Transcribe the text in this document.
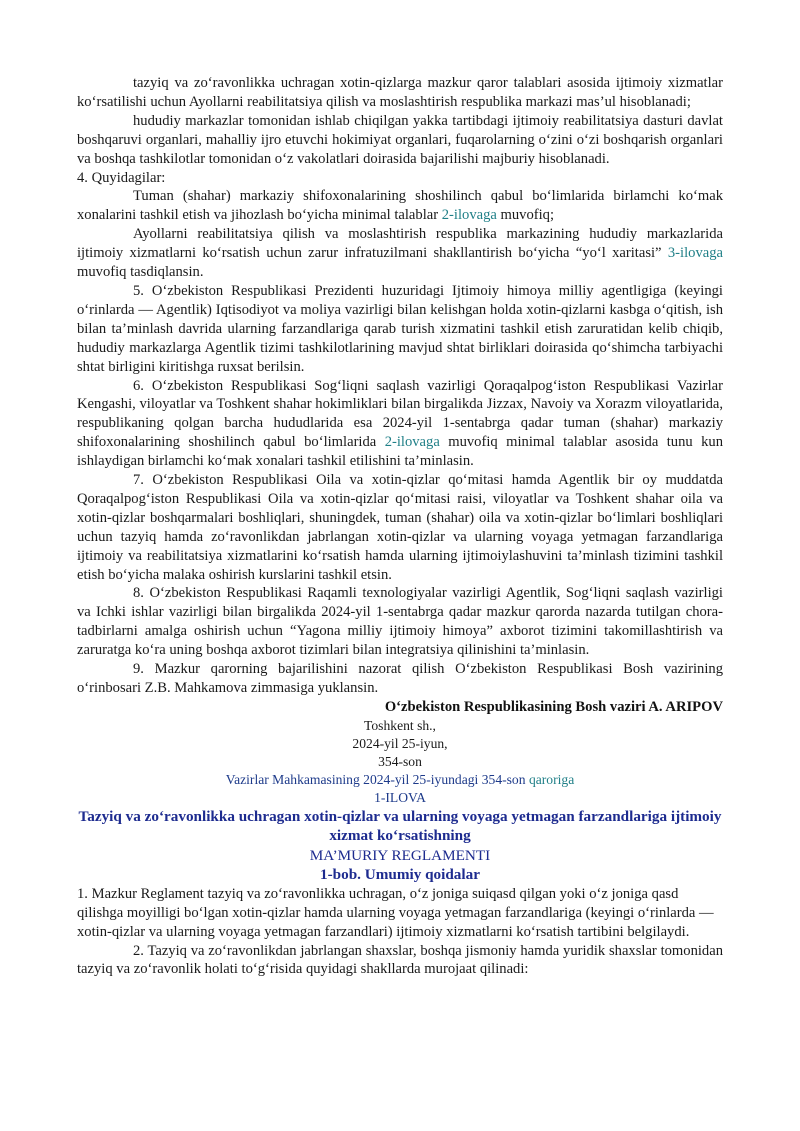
tazyiq va zo‘ravonlikka uchragan xotin-qizlarga mazkur qaror talablari asosida ijtimoiy xizmatlar ko‘rsatilishi uchun Ayollarni reabilitatsiya qilish va moslashtirish respublika markazi mas’ul hisoblanadi;

hududiy markazlar tomonidan ishlab chiqilgan yakka tartibdagi ijtimoiy reabilitatsiya dasturi davlat boshqaruvi organlari, mahalliy ijro etuvchi hokimiyat organlari, fuqarolarning o‘zini o‘zi boshqarish organlari va boshqa tashkilotlar tomonidan o‘z vakolatlari doirasida bajarilishi majburiy hisoblanadi.

4. Quyidagilar:

Tuman (shahar) markaziy shifoxonalarining shoshilinch qabul bo‘limlarida birlamchi ko‘mak xonalarini tashkil etish va jihozlash bo‘yicha minimal talablar 2-ilovaga muvofiq;

Ayollarni reabilitatsiya qilish va moslashtirish respublika markazining hududiy markazlarida ijtimoiy xizmatlarni ko‘rsatish uchun zarur infratuzilmani shakllantirish bo‘yicha “yo‘l xaritasi” 3-ilovaga muvofiq tasdiqlansin.

5. O‘zbekiston Respublikasi Prezidenti huzuridagi Ijtimoiy himoya milliy agentligiga (keyingi o‘rinlarda — Agentlik) Iqtisodiyot va moliya vazirligi bilan kelishgan holda xotin-qizlarni kasbga o‘qitish, ish bilan ta’minlash davrida ularning farzandlariga qarab turish xizmatini tashkil etish zaruratidan kelib chiqib, hududiy markazlarga Agentlik tizimi tashkilotlarining mavjud shtat birliklari doirasida qo‘shimcha tarbiyachi shtat birligini kiritishga ruxsat berilsin.

6. O‘zbekiston Respublikasi Sog‘liqni saqlash vazirligi Qoraqalpog‘iston Respublikasi Vazirlar Kengashi, viloyatlar va Toshkent shahar hokimliklari bilan birgalikda Jizzax, Navoiy va Xorazm viloyatlarida, respublikaning qolgan barcha hududlarida esa 2024-yil 1-sentabrga qadar tuman (shahar) markaziy shifoxonalarining shoshilinch qabul bo‘limlarida 2-ilovaga muvofiq minimal talablar asosida tunu kun ishlaydigan birlamchi ko‘mak xonalari tashkil etilishini ta’minlasin.

7. O‘zbekiston Respublikasi Oila va xotin-qizlar qo‘mitasi hamda Agentlik bir oy muddatda Qoraqalpog‘iston Respublikasi Oila va xotin-qizlar qo‘mitasi raisi, viloyatlar va Toshkent shahar oila va xotin-qizlar boshqarmalari boshliqlari, shuningdek, tuman (shahar) oila va xotin-qizlar bo‘limlari boshliqlari uchun tazyiq hamda zo‘ravonlikdan jabrlangan xotin-qizlar va ularning voyaga yetmagan farzandlariga ijtimoiy va reabilitatsiya xizmatlarini ko‘rsatish hamda ularning ijtimoiylashuvini ta’minlash tizimini tashkil etish bo‘yicha malaka oshirish kurslarini tashkil etsin.

8. O‘zbekiston Respublikasi Raqamli texnologiyalar vazirligi Agentlik, Sog‘liqni saqlash vazirligi va Ichki ishlar vazirligi bilan birgalikda 2024-yil 1-sentabrga qadar mazkur qarorda nazarda tutilgan chora-tadbirlarni amalga oshirish uchun “Yagona milliy ijtimoiy himoya” axborot tizimini takomillashtirish va zaruratga ko‘ra uning boshqa axborot tizimlari bilan integratsiya qilinishini ta’minlasin.

9. Mazkur qarorning bajarilishini nazorat qilish O‘zbekiston Respublikasi Bosh vazirining o‘rinbosari Z.B. Mahkamova zimmasiga yuklansin.

O‘zbekiston Respublikasining Bosh vaziri A. ARIPOV

Toshkent sh.,

2024-yil 25-iyun,

354-son

Vazirlar Mahkamasining 2024-yil 25-iyundagi 354-son qaroriga

1-ILOVA

Tazyiq va zo‘ravonlikka uchragan xotin-qizlar va ularning voyaga yetmagan farzandlariga ijtimoiy xizmat ko‘rsatishning

MA’MURIY REGLAMENTI

1-bob. Umumiy qoidalar

1. Mazkur Reglament tazyiq va zo‘ravonlikka uchragan, o‘z joniga suiqasd qilgan yoki o‘z joniga qasd qilishga moyilligi bo‘lgan xotin-qizlar hamda ularning voyaga yetmagan farzandlariga (keyingi o‘rinlarda — xotin-qizlar va ularning voyaga yetmagan farzandlari) ijtimoiy xizmatlarni ko‘rsatish tartibini belgilaydi.

2. Tazyiq va zo‘ravonlikdan jabrlangan shaxslar, boshqa jismoniy hamda yuridik shaxslar tomonidan tazyiq va zo‘ravonlik holati to‘g‘risida quyidagi shakllarda murojaat qilinadi:
